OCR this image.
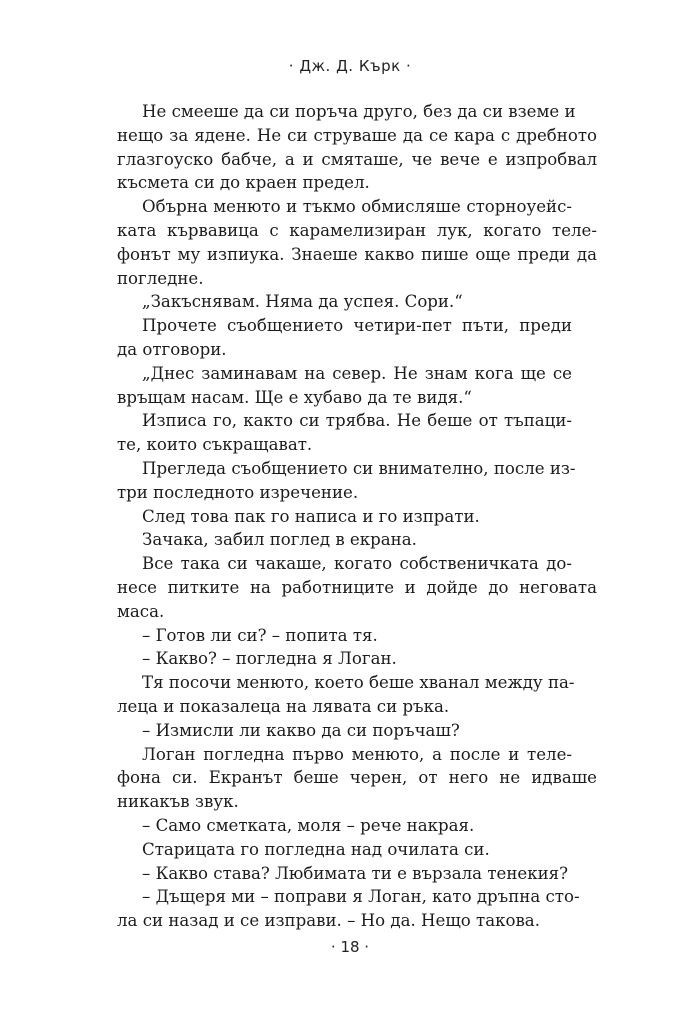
· Дж. Д. Кърк ·

Не смееше да си поръча друго, без да си вземе и
нещо за ядене. Не си струваше да се кара с дребното
глазгоуско бабче, а и смяташе, че вече е изпробвал
късмета си до краен предел.

Обърна менюто и тъкмо обмисляше сторноуейс-
ката кървавица с карамелизиран лук, когато теле-
фонът му изпиука. Знаеше какво пише още преди да
погледне.

„Закъснявам. Няма да успея. Сори.“

Прочете съобщението четири-пет пъти, преди
да отговори.

„Днес заминавам на север. Не знам кога ще се
връщам насам. Ще е хубаво да те видя.“

Изписа го, както си трябва. Не беше от тъпаци-
те, които съкращават.

Прегледа съобщението си внимателно, после из-
три последното изречение.

След това пак го написа и го изпрати.

Зачака, забил поглед в екрана.

Все така си чакаше, когато собственичката до-
несе питките на работниците и дойде до неговата
маса.

– Готов ли си? – попита тя.

– Какво? – погледна я Логан.

Тя посочи менюто, което беше хванал между па-
леца и показалеца на лявата си ръка.

– Измисли ли какво да си поръчаш?

Логан погледна първо менюто, а после и теле-
фона си. Екранът беше черен, от него не идваше
никакъв звук.

– Само сметката, моля – рече накрая.

Старицата го погледна над очилата си.

– Какво става? Любимата ти е вързала тенекия?

– Дъщеря ми – поправи я Логан, като дръпна сто-
ла си назад и се изправи. – Но да. Нещо такова.

· 18 ·
